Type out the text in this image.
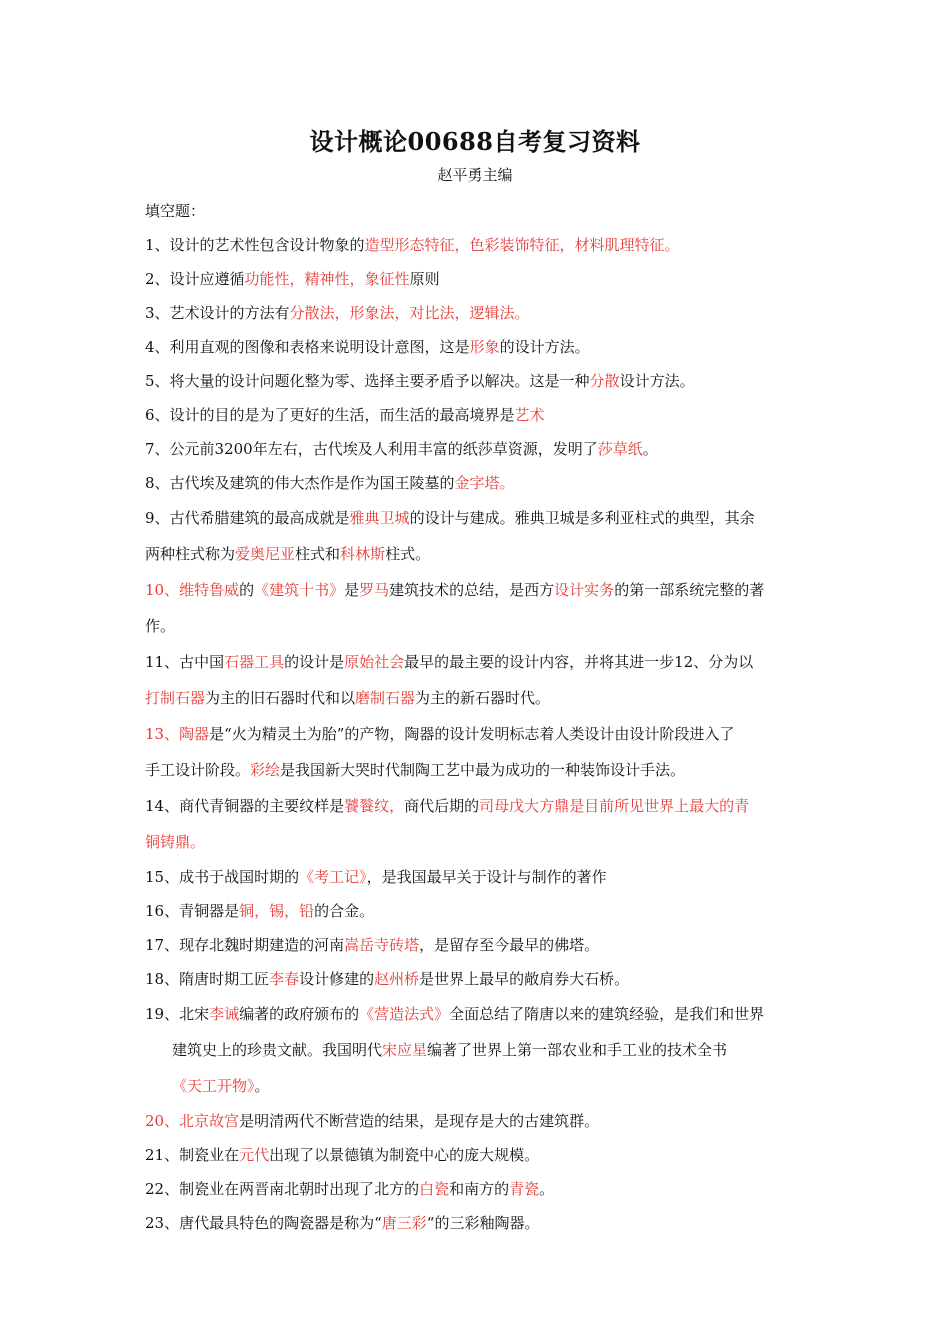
设计概论00688自考复习资料
赵平勇主编
填空题：
1、设计的艺术性包含设计物象的造型形态特征，色彩装饰特征，材料肌理特征。
2、设计应遵循功能性，精神性，象征性原则
3、艺术设计的方法有分散法，形象法，对比法，逻辑法。
4、利用直观的图像和表格来说明设计意图，这是形象的设计方法。
5、将大量的设计问题化整为零、选择主要矛盾予以解决。这是一种分散设计方法。
6、设计的目的是为了更好的生活，而生活的最高境界是艺术
7、公元前3200年左右，古代埃及人利用丰富的纸莎草资源，发明了莎草纸。
8、古代埃及建筑的伟大杰作是作为国王陵墓的金字塔。
9、古代希腊建筑的最高成就是雅典卫城的设计与建成。雅典卫城是多利亚柱式的典型，其余
两种柱式称为爱奥尼亚柱式和科林斯柱式。
10、维特鲁威的《建筑十书》是罗马建筑技术的总结，是西方设计实务的第一部系统完整的著
作。
11、古中国石器工具的设计是原始社会最早的最主要的设计内容，并将其进一步12、分为以
打制石器为主的旧石器时代和以磨制石器为主的新石器时代。
13、陶器是“火为精灵土为胎”的产物，陶器的设计发明标志着人类设计由设计阶段进入了
手工设计阶段。彩绘是我国新大哭时代制陶工艺中最为成功的一种装饰设计手法。
14、商代青铜器的主要纹样是饕餮纹，商代后期的司母戊大方鼎是目前所见世界上最大的青
铜铸鼎。
15、成书于战国时期的《考工记》，是我国最早关于设计与制作的著作
16、青铜器是铜，锡，铅的合金。
17、现存北魏时期建造的河南嵩岳寺砖塔，是留存至今最早的佛塔。
18、隋唐时期工匠李春设计修建的赵州桥是世界上最早的敞肩券大石桥。
19、北宋李诫编著的政府颁布的《营造法式》全面总结了隋唐以来的建筑经验，是我们和世界
建筑史上的珍贵文献。我国明代宋应星编著了世界上第一部农业和手工业的技术全书
《天工开物》。
20、北京故宫是明清两代不断营造的结果，是现存是大的古建筑群。
21、制瓷业在元代出现了以景德镇为制瓷中心的庞大规模。
22、制瓷业在两晋南北朝时出现了北方的白瓷和南方的青瓷。
23、唐代最具特色的陶瓷器是称为“唐三彩“的三彩釉陶器。
